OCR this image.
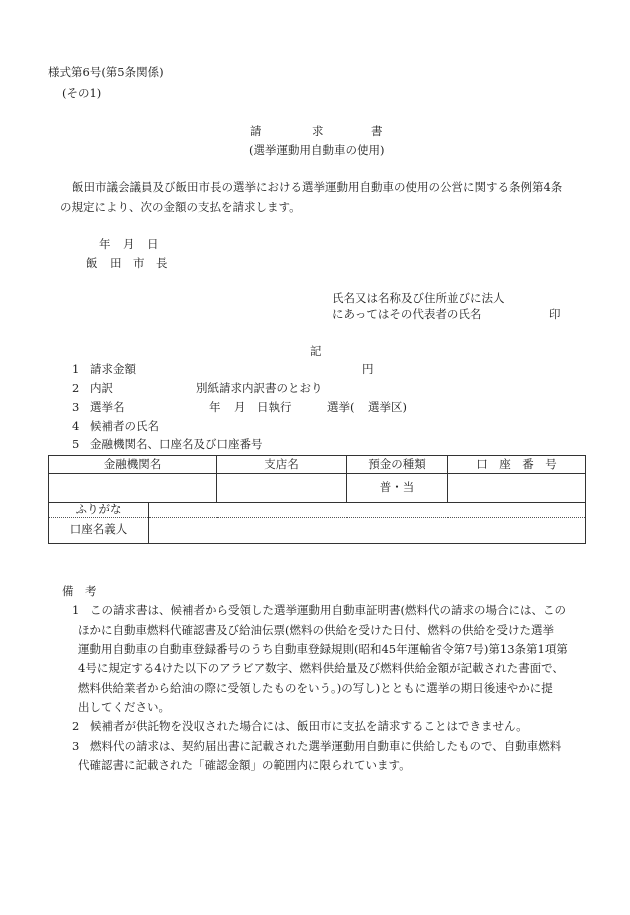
様式第6号(第5条関係)
(その1)
請	求	書
(選挙運動用自動車の使用)
飯田市議会議員及び飯田市長の選挙における選挙運動用自動車の使用の公営に関する条例第4条
の規定により、次の金額の支払を請求します。
年 月 日
飯 田 市 長
氏名又は名称及び住所並びに法人
にあってはその代表者の氏名	印
記
1 請求金額	円
2 内訳	別紙請求内訳書のとおり
3 選挙名	年 月 日執行	選挙( 選挙区)
4 候補者の氏名
5 金融機関名、口座名及び口座番号
金融機関名		支店名	預金の種類	口　座　番　号
			普・当	
ふりがな				
口座名義人				

備　考

1 この請求書は、候補者から受領した選挙運動用自動車証明書(燃料代の請求の場合には、この

ほかに自動車燃料代確認書及び給油伝票(燃料の供給を受けた日付、燃料の供給を受けた選挙

運動用自動車の自動車登録番号のうち自動車登録規則(昭和45年運輸省令第7号)第13条第1項第

4号に規定する4けた以下のアラビア数字、燃料供給量及び燃料供給金額が記載された書面で、

燃料供給業者から給油の際に受領したものをいう。)の写し)とともに選挙の期日後速やかに提

出してください。

2 候補者が供託物を没収された場合には、飯田市に支払を請求することはできません。

3 燃料代の請求は、契約届出書に記載された選挙運動用自動車に供給したもので、自動車燃料

代確認書に記載された「確認金額」の範囲内に限られています。
